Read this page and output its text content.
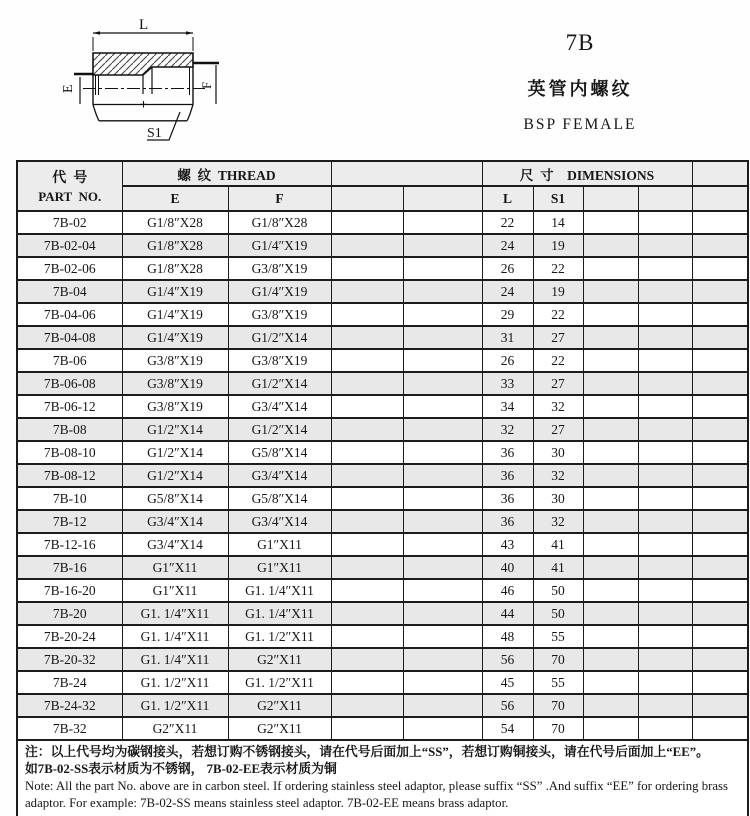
L
E	F
S1
7B
英管内螺纹
BSP FEMALE
代  号
PART  NO.	螺  纹  THREAD				尺  寸    DIMENSIONS				
	E	F			L	S1			
7B-02	G1/8″X28	G1/8″X28			22	14			
7B-02-04	G1/8″X28	G1/4″X19			24	19			
7B-02-06	G1/8″X28	G3/8″X19			26	22			
7B-04	G1/4″X19	G1/4″X19			24	19			
7B-04-06	G1/4″X19	G3/8″X19			29	22			
7B-04-08	G1/4″X19	G1/2″X14			31	27			
7B-06	G3/8″X19	G3/8″X19			26	22			
7B-06-08	G3/8″X19	G1/2″X14			33	27			
7B-06-12	G3/8″X19	G3/4″X14			34	32			
7B-08	G1/2″X14	G1/2″X14			32	27			
7B-08-10	G1/2″X14	G5/8″X14			36	30			
7B-08-12	G1/2″X14	G3/4″X14			36	32			
7B-10	G5/8″X14	G5/8″X14			36	30			
7B-12	G3/4″X14	G3/4″X14			36	32			
7B-12-16	G3/4″X14	G1″X11			43	41			
7B-16	G1″X11	G1″X11			40	41			
7B-16-20	G1″X11	G1. 1/4″X11			46	50			
7B-20	G1. 1/4″X11	G1. 1/4″X11			44	50			
7B-20-24	G1. 1/4″X11	G1. 1/2″X11			48	55			
7B-20-32	G1. 1/4″X11	G2″X11			56	70			
7B-24	G1. 1/2″X11	G1. 1/2″X11			45	55			
7B-24-32	G1. 1/2″X11	G2″X11			56	70			
7B-32	G2″X11	G2″X11			54	70			

注：以上代号均为碳钢接头，若想订购不锈钢接头，请在代号后面加上“SS”，若想订购铜接头，请在代号后面加上“EE”。
如7B-02-SS表示材质为不锈钢， 7B-02-EE表示材质为铜
Note: All the part No. above are in carbon steel. If ordering stainless steel adaptor, please suffix “SS” .And suffix “EE” for ordering brass
adaptor. For example: 7B-02-SS means stainless steel adaptor. 7B-02-EE means brass adaptor.									
